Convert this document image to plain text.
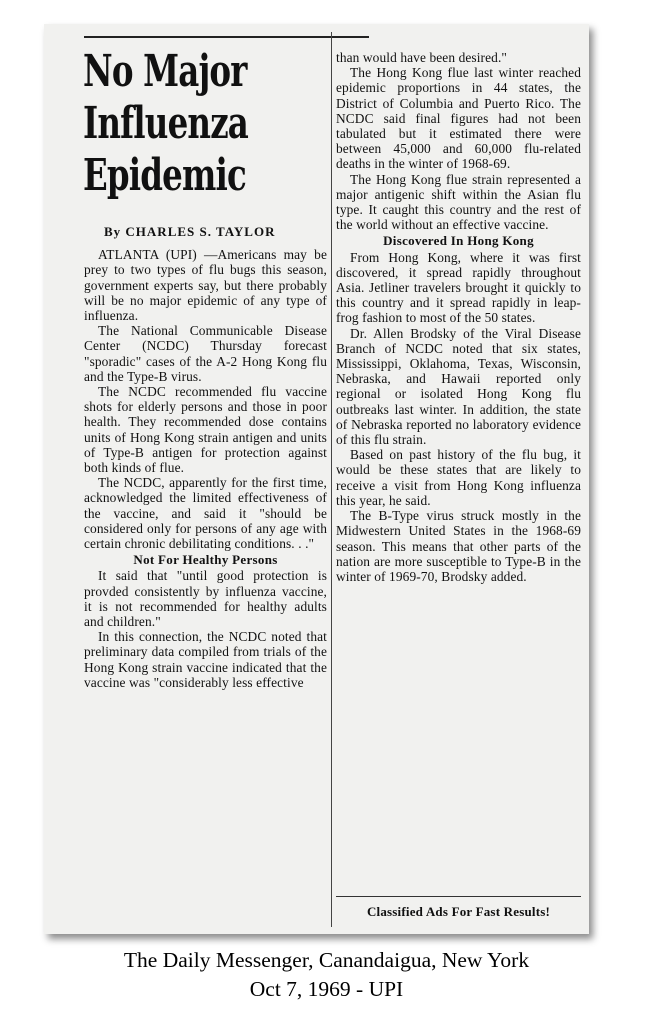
No Major
Influenza
Epidemic
By CHARLES S. TAYLOR

ATLANTA (UPI) —Americans may be prey to two types of flu bugs this season, government experts say, but there probably will be no major epidemic of any type of influenza.

The National Communicable Disease Center (NCDC) Thursday forecast "sporadic" cases of the A-2 Hong Kong flu and the Type-B virus.

The NCDC recommended flu vaccine shots for elderly persons and those in poor health. They recommended dose contains units of Hong Kong strain antigen and units of Type-B antigen for protection against both kinds of flue.

The NCDC, apparently for the first time, acknowledged the limited effectiveness of the vaccine, and said it "should be considered only for persons of any age with certain chronic debilitating conditions. . ."

Not For Healthy Persons

It said that "until good protection is provded consistently by influenza vaccine, it is not recommended for healthy adults and children."

In this connection, the NCDC noted that preliminary data compiled from trials of the Hong Kong strain vaccine indicated that the vaccine was "considerably less effective

than would have been desired."

The Hong Kong flue last winter reached epidemic proportions in 44 states, the District of Columbia and Puerto Rico. The NCDC said final figures had not been tabulated but it estimated there were between 45,000 and 60,000 flu-related deaths in the winter of 1968-69.

The Hong Kong flue strain represented a major antigenic shift within the Asian flu type. It caught this country and the rest of the world without an effective vaccine.

Discovered In Hong Kong

From Hong Kong, where it was first discovered, it spread rapidly throughout Asia. Jetliner travelers brought it quickly to this country and it spread rapidly in leap-frog fashion to most of the 50 states.

Dr. Allen Brodsky of the Viral Disease Branch of NCDC noted that six states, Mississippi, Oklahoma, Texas, Wisconsin, Nebraska, and Hawaii reported only regional or isolated Hong Kong flu outbreaks last winter. In addition, the state of Nebraska reported no laboratory evidence of this flu strain.

Based on past history of the flu bug, it would be these states that are likely to receive a visit from Hong Kong influenza this year, he said.

The B-Type virus struck mostly in the Midwestern United States in the 1968-69 season. This means that other parts of the nation are more susceptible to Type-B in the winter of 1969-70, Brodsky added.

Classified Ads For Fast Results!
The Daily Messenger, Canandaigua, New York
Oct 7, 1969 - UPI
